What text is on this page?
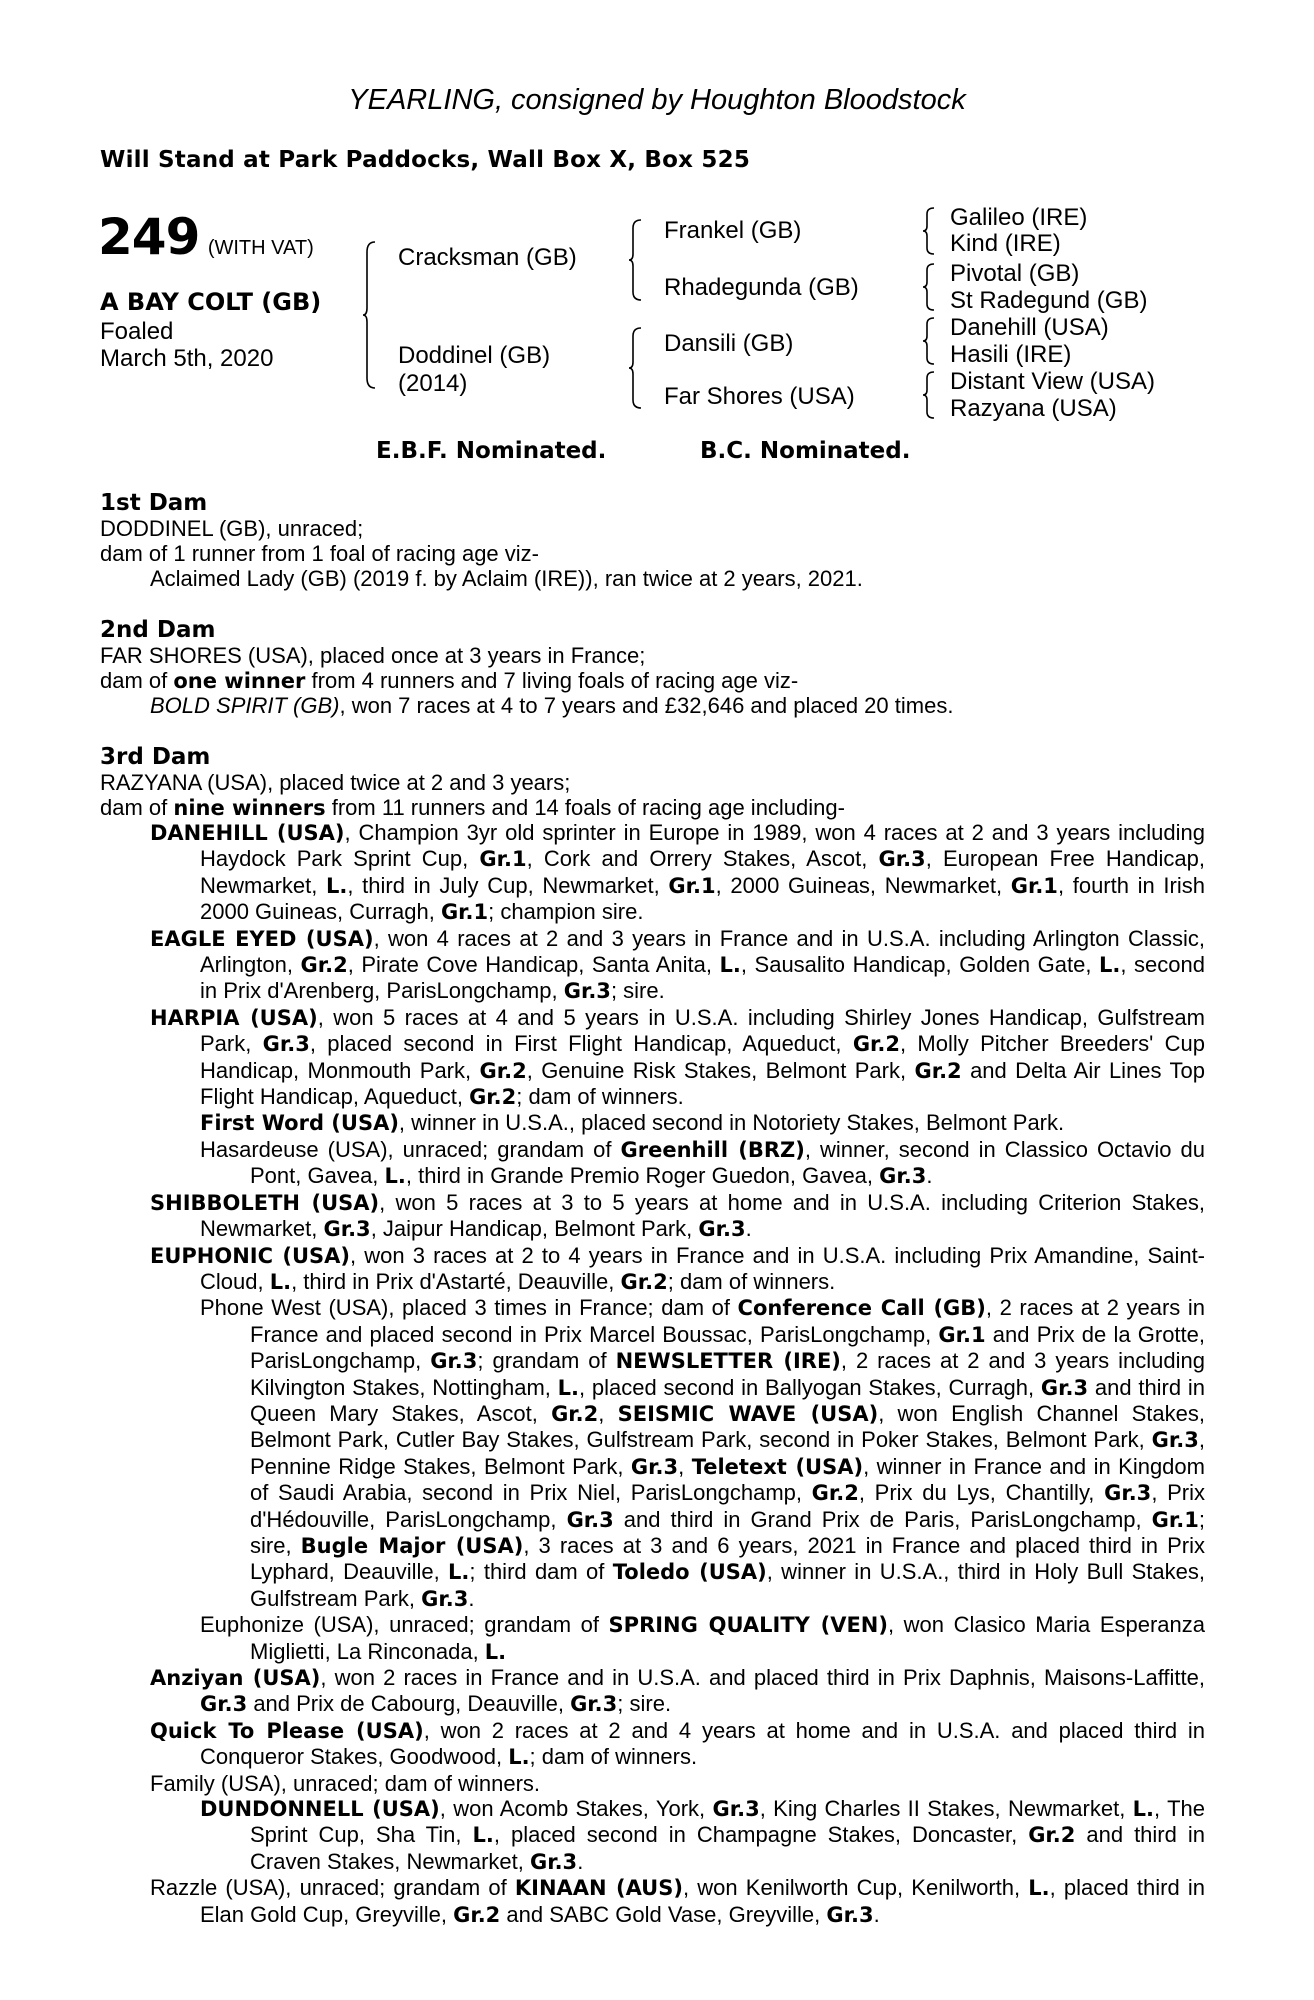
YEARLING, consigned by Houghton Bloodstock
Will Stand at Park Paddocks, Wall Box X, Box 525
249 (WITH VAT)
A BAY COLT (GB)
Foaled
March 5th, 2020
Cracksman (GB)
Doddinel (GB)
(2014)
Frankel (GB)
Rhadegunda (GB)
Dansili (GB)
Far Shores (USA)
Galileo (IRE)
Kind (IRE)
Pivotal (GB)
St Radegund (GB)
Danehill (USA)
Hasili (IRE)
Distant View (USA)
Razyana (USA)
E.B.F. Nominated.	B.C. Nominated.
1st Dam
DODDINEL (GB), unraced;
dam of 1 runner from 1 foal of racing age viz-
Aclaimed Lady (GB) (2019 f. by Aclaim (IRE)), ran twice at 2 years, 2021.
2nd Dam
FAR SHORES (USA), placed once at 3 years in France;
dam of one winner from 4 runners and 7 living foals of racing age viz-
BOLD SPIRIT (GB), won 7 races at 4 to 7 years and £32,646 and placed 20 times.
3rd Dam
RAZYANA (USA), placed twice at 2 and 3 years;
dam of nine winners from 11 runners and 14 foals of racing age including-
DANEHILL (USA), Champion 3yr old sprinter in Europe in 1989, won 4 races at 2 and 3 years including Haydock Park Sprint Cup, Gr.1, Cork and Orrery Stakes, Ascot, Gr.3, European Free Handicap, Newmarket, L., third in July Cup, Newmarket, Gr.1, 2000 Guineas, Newmarket, Gr.1, fourth in Irish 2000 Guineas, Curragh, Gr.1; champion sire.
EAGLE EYED (USA), won 4 races at 2 and 3 years in France and in U.S.A. including Arlington Classic, Arlington, Gr.2, Pirate Cove Handicap, Santa Anita, L., Sausalito Handicap, Golden Gate, L., second in Prix d'Arenberg, ParisLongchamp, Gr.3; sire.
HARPIA (USA), won 5 races at 4 and 5 years in U.S.A. including Shirley Jones Handicap, Gulfstream Park, Gr.3, placed second in First Flight Handicap, Aqueduct, Gr.2, Molly Pitcher Breeders' Cup Handicap, Monmouth Park, Gr.2, Genuine Risk Stakes, Belmont Park, Gr.2 and Delta Air Lines Top Flight Handicap, Aqueduct, Gr.2; dam of winners.
First Word (USA), winner in U.S.A., placed second in Notoriety Stakes, Belmont Park.
Hasardeuse (USA), unraced; grandam of Greenhill (BRZ), winner, second in Classico Octavio du Pont, Gavea, L., third in Grande Premio Roger Guedon, Gavea, Gr.3.
SHIBBOLETH (USA), won 5 races at 3 to 5 years at home and in U.S.A. including Criterion Stakes, Newmarket, Gr.3, Jaipur Handicap, Belmont Park, Gr.3.
EUPHONIC (USA), won 3 races at 2 to 4 years in France and in U.S.A. including Prix Amandine, Saint-Cloud, L., third in Prix d'Astarté, Deauville, Gr.2; dam of winners.
Phone West (USA), placed 3 times in France; dam of Conference Call (GB), 2 races at 2 years in France and placed second in Prix Marcel Boussac, ParisLongchamp, Gr.1 and Prix de la Grotte, ParisLongchamp, Gr.3; grandam of NEWSLETTER (IRE), 2 races at 2 and 3 years including Kilvington Stakes, Nottingham, L., placed second in Ballyogan Stakes, Curragh, Gr.3 and third in Queen Mary Stakes, Ascot, Gr.2, SEISMIC WAVE (USA), won English Channel Stakes, Belmont Park, Cutler Bay Stakes, Gulfstream Park, second in Poker Stakes, Belmont Park, Gr.3, Pennine Ridge Stakes, Belmont Park, Gr.3, Teletext (USA), winner in France and in Kingdom of Saudi Arabia, second in Prix Niel, ParisLongchamp, Gr.2, Prix du Lys, Chantilly, Gr.3, Prix d'Hédouville, ParisLongchamp, Gr.3 and third in Grand Prix de Paris, ParisLongchamp, Gr.1; sire, Bugle Major (USA), 3 races at 3 and 6 years, 2021 in France and placed third in Prix Lyphard, Deauville, L.; third dam of Toledo (USA), winner in U.S.A., third in Holy Bull Stakes, Gulfstream Park, Gr.3.
Euphonize (USA), unraced; grandam of SPRING QUALITY (VEN), won Clasico Maria Esperanza Miglietti, La Rinconada, L.
Anziyan (USA), won 2 races in France and in U.S.A. and placed third in Prix Daphnis, Maisons-Laffitte, Gr.3 and Prix de Cabourg, Deauville, Gr.3; sire.
Quick To Please (USA), won 2 races at 2 and 4 years at home and in U.S.A. and placed third in Conqueror Stakes, Goodwood, L.; dam of winners.
Family (USA), unraced; dam of winners.
DUNDONNELL (USA), won Acomb Stakes, York, Gr.3, King Charles II Stakes, Newmarket, L., The Sprint Cup, Sha Tin, L., placed second in Champagne Stakes, Doncaster, Gr.2 and third in Craven Stakes, Newmarket, Gr.3.
Razzle (USA), unraced; grandam of KINAAN (AUS), won Kenilworth Cup, Kenilworth, L., placed third in Elan Gold Cup, Greyville, Gr.2 and SABC Gold Vase, Greyville, Gr.3.
